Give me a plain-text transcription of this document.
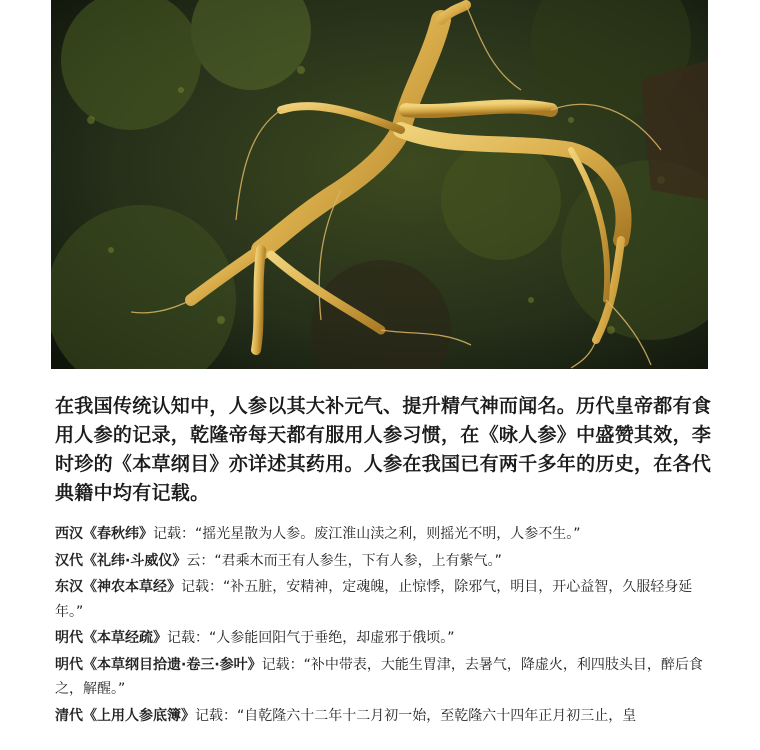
在我国传统认知中，人参以其大补元气、提升精气神而闻名。历代皇帝都有食用人参的记录，乾隆帝每天都有服用人参习惯，在《咏人参》中盛赞其效，李时珍的《本草纲目》亦详述其药用。人参在我国已有两千多年的历史，在各代典籍中均有记载。

西汉《春秋纬》记载：“摇光星散为人参。废江淮山渎之利，则摇光不明，人参不生。”
汉代《礼纬·斗威仪》云：“君乘木而王有人参生，下有人参，上有紫气。”
东汉《神农本草经》记载：“补五脏，安精神，定魂魄，止惊悸，除邪气，明目，开心益智，久服轻身延年。”
明代《本草经疏》记载：“人参能回阳气于垂绝，却虚邪于俄顷。”
明代《本草纲目拾遗·卷三·参叶》记载：“补中带表，大能生胃津，去暑气，降虚火，利四肢头目，醉后食之，解醒。”
清代《上用人参底簿》记载：“自乾隆六十二年十二月初一始，至乾隆六十四年正月初三止，皇
